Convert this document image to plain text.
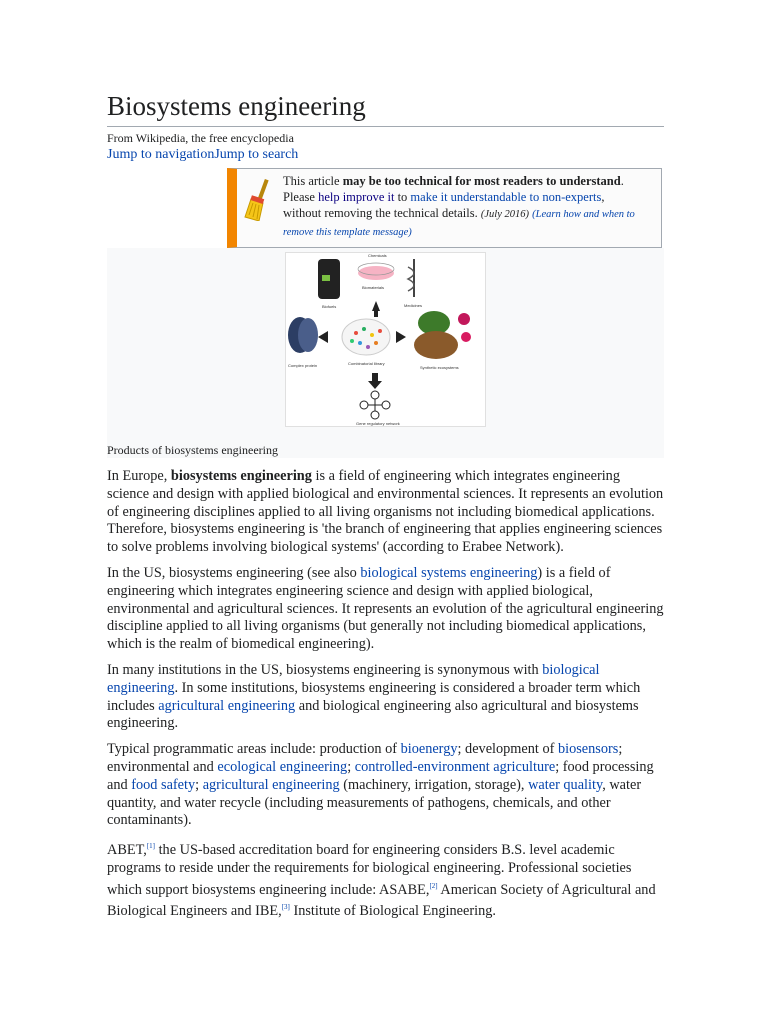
Biosystems engineering
From Wikipedia, the free encyclopedia
Jump to navigationJump to search
This article may be too technical for most readers to understand.
Please help improve it to make it understandable to non-experts,
without removing the technical details. (July 2016) (Learn how and when to remove this template message)
Biofuels
Chemicals
Biomaterials
Medicines
Complex protein	Combinatorial library
Synthetic ecosystems
Gene regulatory network
Products of biosystems engineering

In Europe, biosystems engineering is a field of engineering which integrates engineering science and design with applied biological and environmental sciences. It represents an evolution of engineering disciplines applied to all living organisms not including biomedical applications. Therefore, biosystems engineering is 'the branch of engineering that applies engineering sciences to solve problems involving biological systems' (according to Erabee Network).

In the US, biosystems engineering (see also biological systems engineering) is a field of engineering which integrates engineering science and design with applied biological, environmental and agricultural sciences. It represents an evolution of the agricultural engineering discipline applied to all living organisms (but generally not including biomedical applications, which is the realm of biomedical engineering).

In many institutions in the US, biosystems engineering is synonymous with biological engineering. In some institutions, biosystems engineering is considered a broader term which includes agricultural engineering and biological engineering also agricultural and biosystems engineering.

Typical programmatic areas include: production of bioenergy; development of biosensors; environmental and ecological engineering; controlled-environment agriculture; food processing and food safety; agricultural engineering (machinery, irrigation, storage), water quality, water quantity, and water recycle (including measurements of pathogens, chemicals, and other contaminants).

ABET,[1] the US-based accreditation board for engineering considers B.S. level academic programs to reside under the requirements for biological engineering. Professional societies which support biosystems engineering include: ASABE,[2] American Society of Agricultural and Biological Engineers and IBE,[3] Institute of Biological Engineering.
